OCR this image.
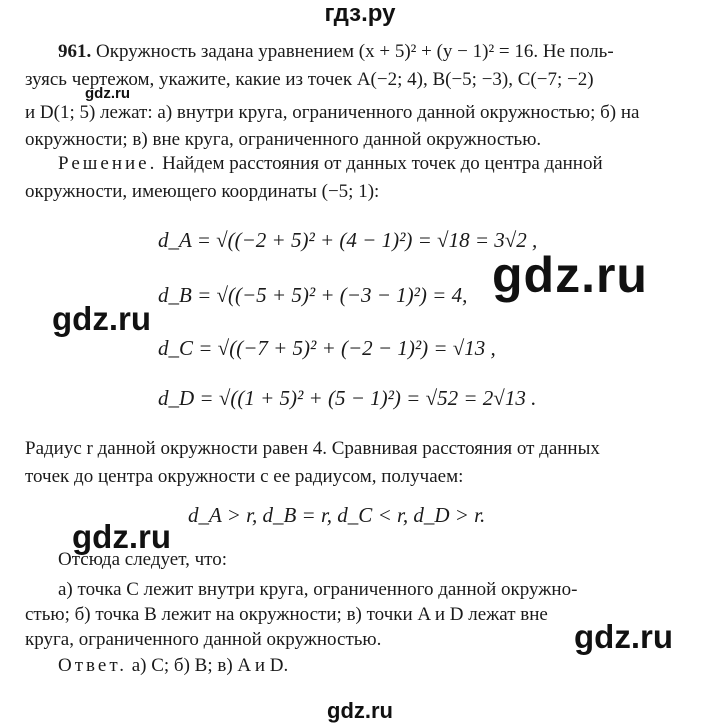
гдз.ру
961. Окружность задана уравнением (x + 5)² + (y − 1)² = 16. Не поль-
зуясь чертежом, укажите, какие из точек A(−2; 4), B(−5; −3), C(−7; −2)
и D(1; 5) лежат: а) внутри круга, ограниченного данной окружностью; б) на
окружности; в) вне круга, ограниченного данной окружностью.
gdz.ru
Решение. Найдем расстояния от данных точек до центра данной
окружности, имеющего координаты (−5; 1):
d_A = √((−2 + 5)² + (4 − 1)²) = √18 = 3√2 ,
d_B = √((−5 + 5)² + (−3 − 1)²) = 4,
d_C = √((−7 + 5)² + (−2 − 1)²) = √13 ,
d_D = √((1 + 5)² + (5 − 1)²) = √52 = 2√13 .
gdz.ru
gdz.ru
Радиус r данной окружности равен 4. Сравнивая расстояния от данных
точек до центра окружности с ее радиусом, получаем:
d_A > r, d_B = r, d_C < r, d_D > r.
gdz.ru
Отсюда следует, что:
а) точка C лежит внутри круга, ограниченного данной окружно-
стью; б) точка B лежит на окружности; в) точки A и D лежат вне
круга, ограниченного данной окружностью.	gdz.ru
Ответ. а) C; б) B; в) A и D.
gdz.ru
